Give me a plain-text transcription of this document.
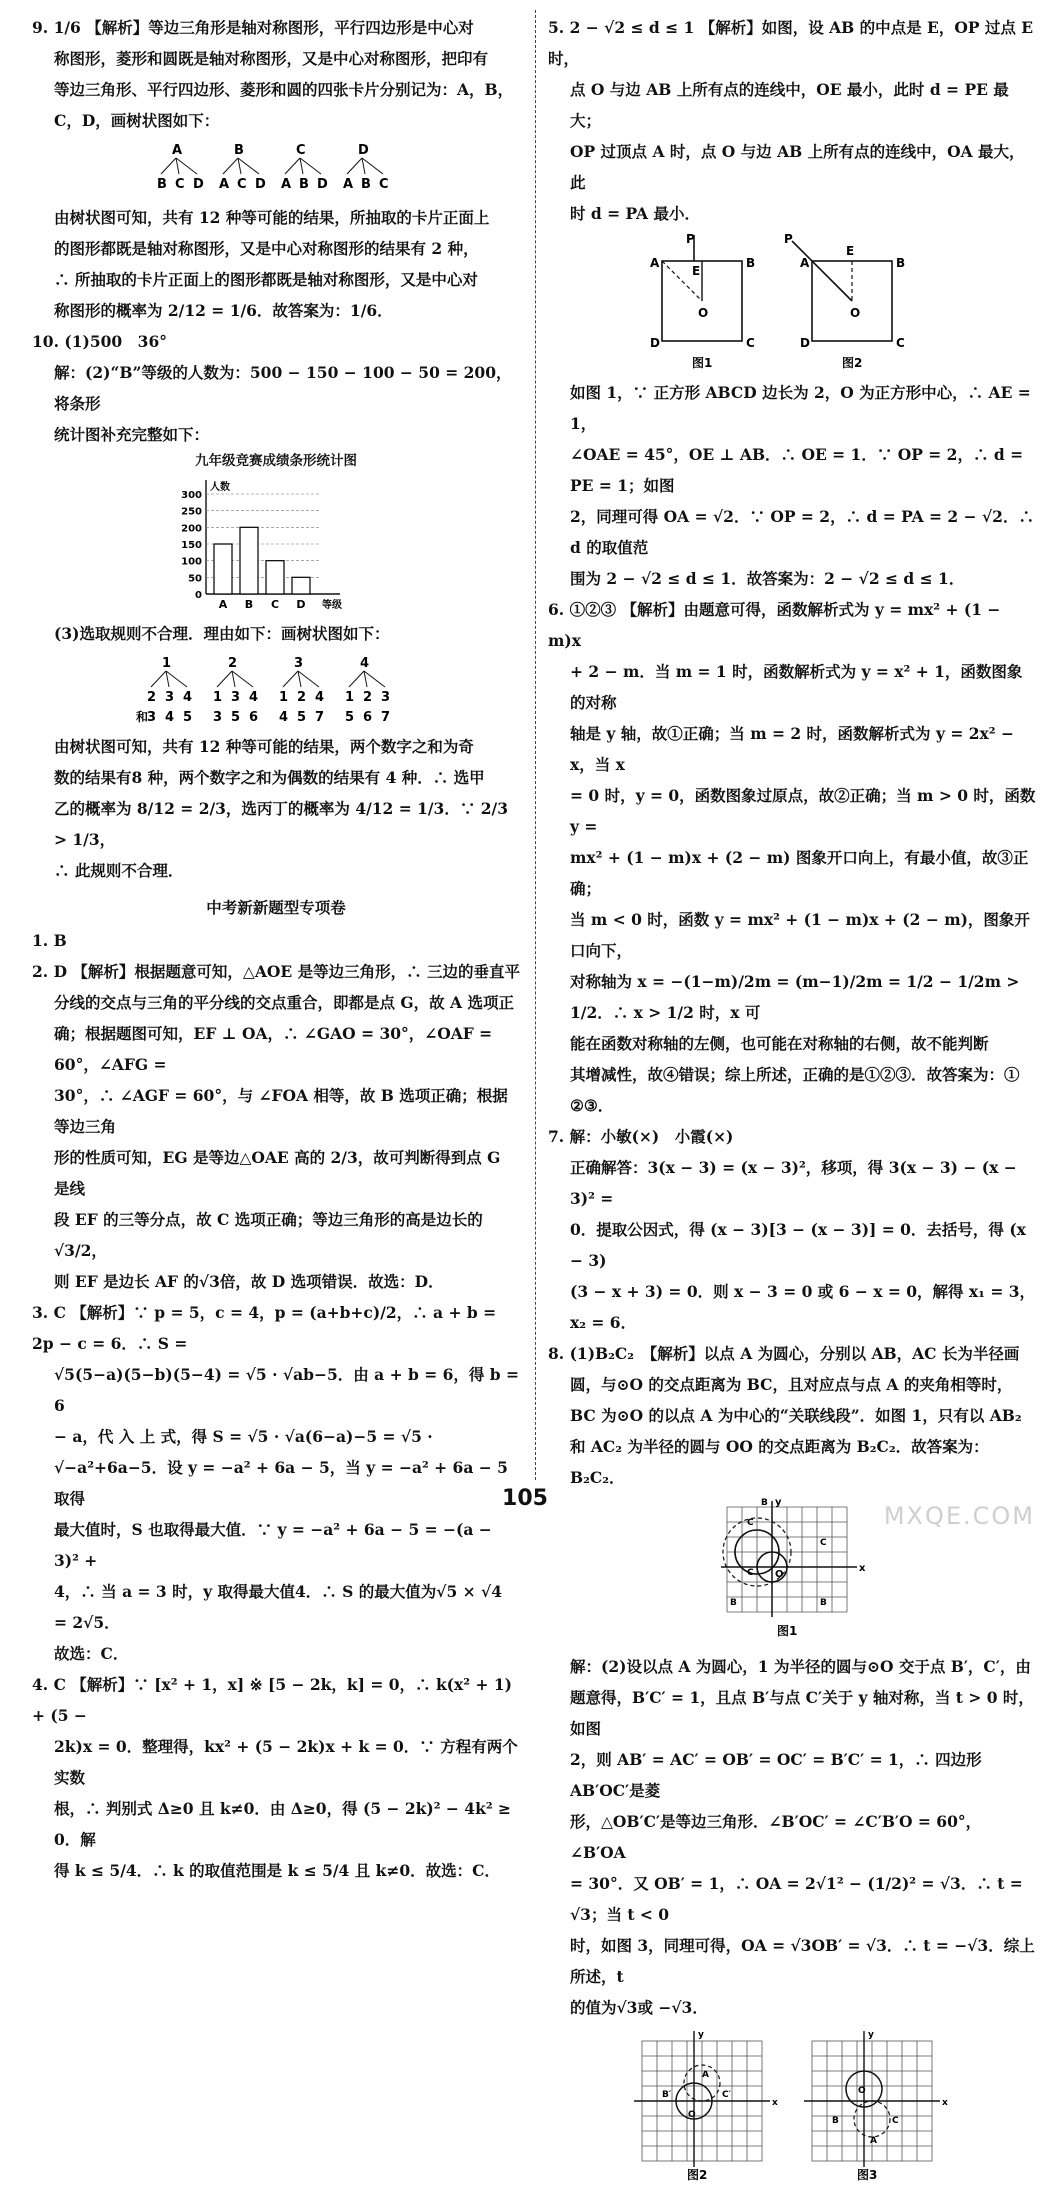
9. 1/6 【解析】等边三角形是轴对称图形，平行四边形是中心对

称图形，菱形和圆既是轴对称图形，又是中心对称图形，把印有

等边三角形、平行四边形、菱形和圆的四张卡片分别记为：A，B，

C，D，画树状图如下：

A
B C D
B
A C D
C
A B D
D
A B C

由树状图可知，共有 12 种等可能的结果，所抽取的卡片正面上

的图形都既是轴对称图形，又是中心对称图形的结果有 2 种，

∴ 所抽取的卡片正面上的图形都既是轴对称图形，又是中心对

称图形的概率为 2/12 = 1/6．故答案为：1/6．

10. (1)500　36°

解：(2)“B”等级的人数为：500 − 150 − 100 − 50 = 200，将条形

统计图补充完整如下：

九年级竞赛成绩条形统计图

0
50
100
150
200
250
300
人数
A B C D 等级

(3)选取规则不合理．理由如下：画树状图如下：

1
2
3
3
4
4
5
2
1
3
3
5
4
6
3
1
4
2
5
4
7
4
1
5
2
6
3
7
和

由树状图可知，共有 12 种等可能的结果，两个数字之和为奇

数的结果有8 种，两个数字之和为偶数的结果有 4 种．∴ 选甲

乙的概率为 8/12 = 2/3，选丙丁的概率为 4/12 = 1/3．∵ 2/3 > 1/3，

∴ 此规则不合理．

中考新新题型专项卷

1. B

2. D 【解析】根据题意可知，△AOE 是等边三角形，∴ 三边的垂直平

分线的交点与三角的平分线的交点重合，即都是点 G，故 A 选项正

确；根据题图可知，EF ⊥ OA，∴ ∠GAO = 30°，∠OAF = 60°，∠AFG =

30°，∴ ∠AGF = 60°，与 ∠FOA 相等，故 B 选项正确；根据等边三角

形的性质可知，EG 是等边△OAE 高的 2/3，故可判断得到点 G 是线

段 EF 的三等分点，故 C 选项正确；等边三角形的高是边长的√3/2，

则 EF 是边长 AF 的√3倍，故 D 选项错误．故选：D．

3. C 【解析】∵ p = 5，c = 4，p = (a+b+c)/2，∴ a + b = 2p − c = 6．∴ S =

√5(5−a)(5−b)(5−4) = √5 · √ab−5．由 a + b = 6，得 b = 6

− a，代 入 上 式，得 S = √5 · √a(6−a)−5 = √5 ·

√−a²+6a−5．设 y = −a² + 6a − 5，当 y = −a² + 6a − 5 取得

最大值时，S 也取得最大值．∵ y = −a² + 6a − 5 = −(a − 3)² +

4，∴ 当 a = 3 时，y 取得最大值4．∴ S 的最大值为√5 × √4 = 2√5．

故选：C．

4. C 【解析】∵ [x² + 1，x] ※ [5 − 2k，k] = 0，∴ k(x² + 1) + (5 −

2k)x = 0．整理得，kx² + (5 − 2k)x + k = 0．∵ 方程有两个实数

根，∴ 判别式 Δ≥0 且 k≠0．由 Δ≥0，得 (5 − 2k)² − 4k² ≥ 0．解

得 k ≤ 5/4．∴ k 的取值范围是 k ≤ 5/4 且 k≠0．故选：C．

5. 2 − √2 ≤ d ≤ 1 【解析】如图，设 AB 的中点是 E，OP 过点 E 时，

点 O 与边 AB 上所有点的连线中，OE 最小，此时 d = PE 最大；

OP 过顶点 A 时，点 O 与边 AB 上所有点的连线中，OA 最大，此

时 d = PA 最小．

P
A
E
B
O
D	C
图1
P
A
E
B
O
D	C
图2

如图 1，∵ 正方形 ABCD 边长为 2，O 为正方形中心，∴ AE = 1，

∠OAE = 45°，OE ⊥ AB．∴ OE = 1．∵ OP = 2，∴ d = PE = 1；如图

2，同理可得 OA = √2．∵ OP = 2，∴ d = PA = 2 − √2．∴ d 的取值范

围为 2 − √2 ≤ d ≤ 1．故答案为：2 − √2 ≤ d ≤ 1．

6. ①②③ 【解析】由题意可得，函数解析式为 y = mx² + (1 − m)x

+ 2 − m．当 m = 1 时，函数解析式为 y = x² + 1，函数图象的对称

轴是 y 轴，故①正确；当 m = 2 时，函数解析式为 y = 2x² − x，当 x

= 0 时，y = 0，函数图象过原点，故②正确；当 m > 0 时，函数 y =

mx² + (1 − m)x + (2 − m) 图象开口向上，有最小值，故③正确；

当 m < 0 时，函数 y = mx² + (1 − m)x + (2 − m)，图象开口向下，

对称轴为 x = −(1−m)/2m = (m−1)/2m = 1/2 − 1/2m > 1/2．∴ x > 1/2 时，x 可

能在函数对称轴的左侧，也可能在对称轴的右侧，故不能判断

其增减性，故④错误；综上所述，正确的是①②③．故答案为：①

②③．

7. 解：小敏(×)　小霞(×)

正确解答：3(x − 3) = (x − 3)²，移项，得 3(x − 3) − (x − 3)² =

0．提取公因式，得 (x − 3)[3 − (x − 3)] = 0．去括号，得 (x − 3)

(3 − x + 3) = 0．则 x − 3 = 0 或 6 − x = 0，解得 x₁ = 3，x₂ = 6．

8. (1)B₂C₂　【解析】以点 A 为圆心，分别以 AB，AC 长为半径画

圆，与⊙O 的交点距离为 BC，且对应点与点 A 的夹角相等时，

BC 为⊙O 的以点 A 为中心的“关联线段”．如图 1，只有以 AB₂

和 AC₂ 为半径的圆与 OO 的交点距离为 B₂C₂．故答案为：B₂C₂．

x
y
O
B
C
C
C
B	B
图1

解：(2)设以点 A 为圆心，1 为半径的圆与⊙O 交于点 B′，C′，由

题意得，B′C′ = 1，且点 B′与点 C′关于 y 轴对称，当 t > 0 时，如图

2，则 AB′ = AC′ = OB′ = OC′ = B′C′ = 1，∴ 四边形 AB′OC′是菱

形，△OB′C′是等边三角形．∠B′OC′ = ∠C′B′O = 60°，∠B′OA

= 30°．又 OB′ = 1，∴ OA = 2√1² − (1/2)² = √3．∴ t = √3；当 t < 0

时，如图 3，同理可得，OA = √3OB′ = √3．∴ t = −√3．综上所述，t

的值为√3或 −√3．

x
y
A
B′	C′
O
图2
x
y
O
B	C
A
图3
105
MXQE.COM
